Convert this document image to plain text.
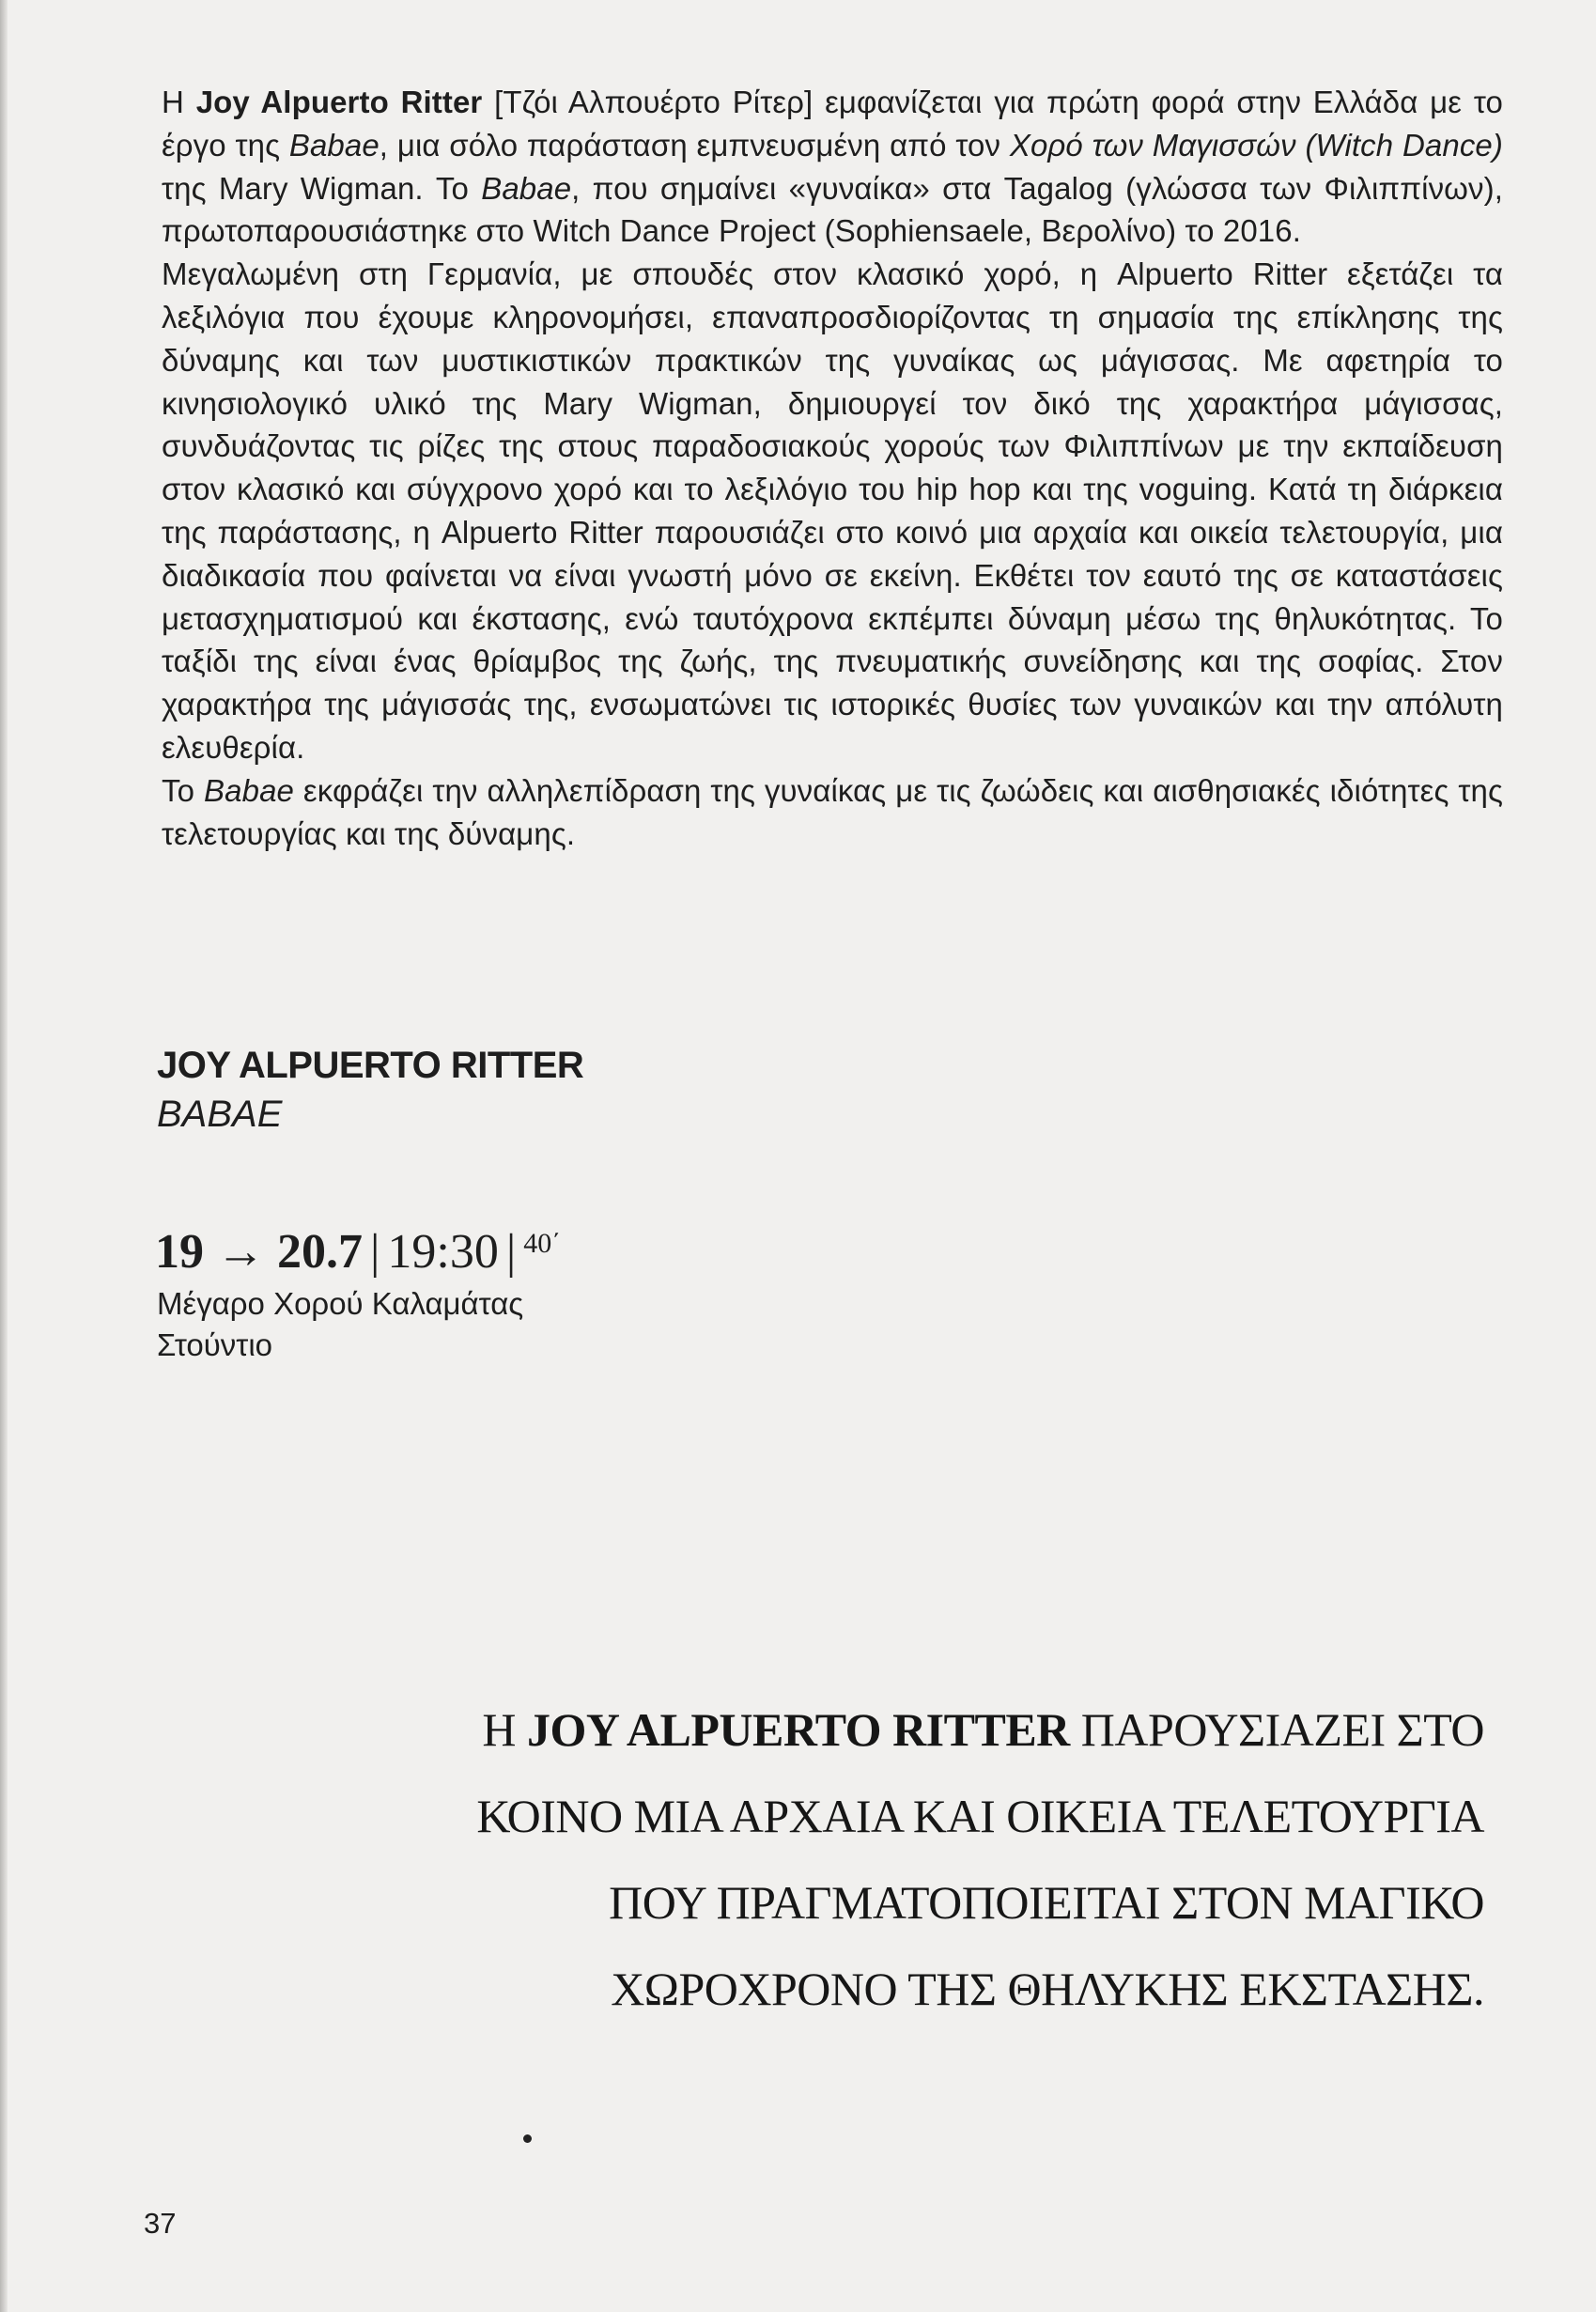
Η Joy Alpuerto Ritter [Τζόι Αλπουέρτο Ρίτερ] εμφανίζεται για πρώτη φορά στην Ελλάδα με το έργο της Babae, μια σόλο παράσταση εμπνευσμένη από τον Χορό των Μαγισσών (Witch Dance) της Mary Wigman. Το Babae, που σημαίνει «γυναίκα» στα Tagalog (γλώσσα των Φιλιππίνων), πρωτοπαρουσιάστηκε στο Witch Dance Project (Sophiensaele, Βερολίνο) το 2016.

Μεγαλωμένη στη Γερμανία, με σπουδές στον κλασικό χορό, η Alpuerto Ritter εξετάζει τα λεξιλόγια που έχουμε κληρονομήσει, επαναπροσδιορίζοντας τη σημασία της επίκλησης της δύναμης και των μυστικιστικών πρακτικών της γυναίκας ως μάγισσας. Με αφετηρία το κινησιολογικό υλικό της Mary Wigman, δημιουργεί τον δικό της χαρακτήρα μάγισσας, συνδυάζοντας τις ρίζες της στους παραδοσιακούς χορούς των Φιλιππίνων με την εκπαίδευση στον κλασικό και σύγχρονο χορό και το λεξιλόγιο του hip hop και της voguing. Κατά τη διάρκεια της παράστασης, η Alpuerto Ritter παρουσιάζει στο κοινό μια αρχαία και οικεία τελετουργία, μια διαδικασία που φαίνεται να είναι γνωστή μόνο σε εκείνη. Εκθέτει τον εαυτό της σε καταστάσεις μετασχηματισμού και έκστασης, ενώ ταυτόχρονα εκπέμπει δύναμη μέσω της θηλυκότητας. Το ταξίδι της είναι ένας θρίαμβος της ζωής, της πνευματικής συνείδησης και της σοφίας. Στον χαρακτήρα της μάγισσάς της, ενσωματώνει τις ιστορικές θυσίες των γυναικών και την απόλυτη ελευθερία.

Το Babae εκφράζει την αλληλεπίδραση της γυναίκας με τις ζωώδεις και αισθησιακές ιδιότητες της τελετουργίας και της δύναμης.

JOY ALPUERTO RITTER
BABAE
19 → 20.7 | 19:30 | $^{40΄}$
Μέγαρο Χορού Καλαμάτας
Στούντιο
Η JOY ALPUERTO RITTER ΠΑΡΟΥΣΙΑΖΕΙ ΣΤΟ ΚΟΙΝΟ ΜΙΑ ΑΡΧΑΙΑ ΚΑΙ ΟΙΚΕΙΑ ΤΕΛΕΤΟΥΡΓΙΑ ΠΟΥ ΠΡΑΓΜΑΤΟΠΟΙΕΙΤΑΙ ΣΤΟΝ ΜΑΓΙΚΟ ΧΩΡΟΧΡΟΝΟ ΤΗΣ ΘΗΛΥΚΗΣ ΕΚΣΤΑΣΗΣ.
37
